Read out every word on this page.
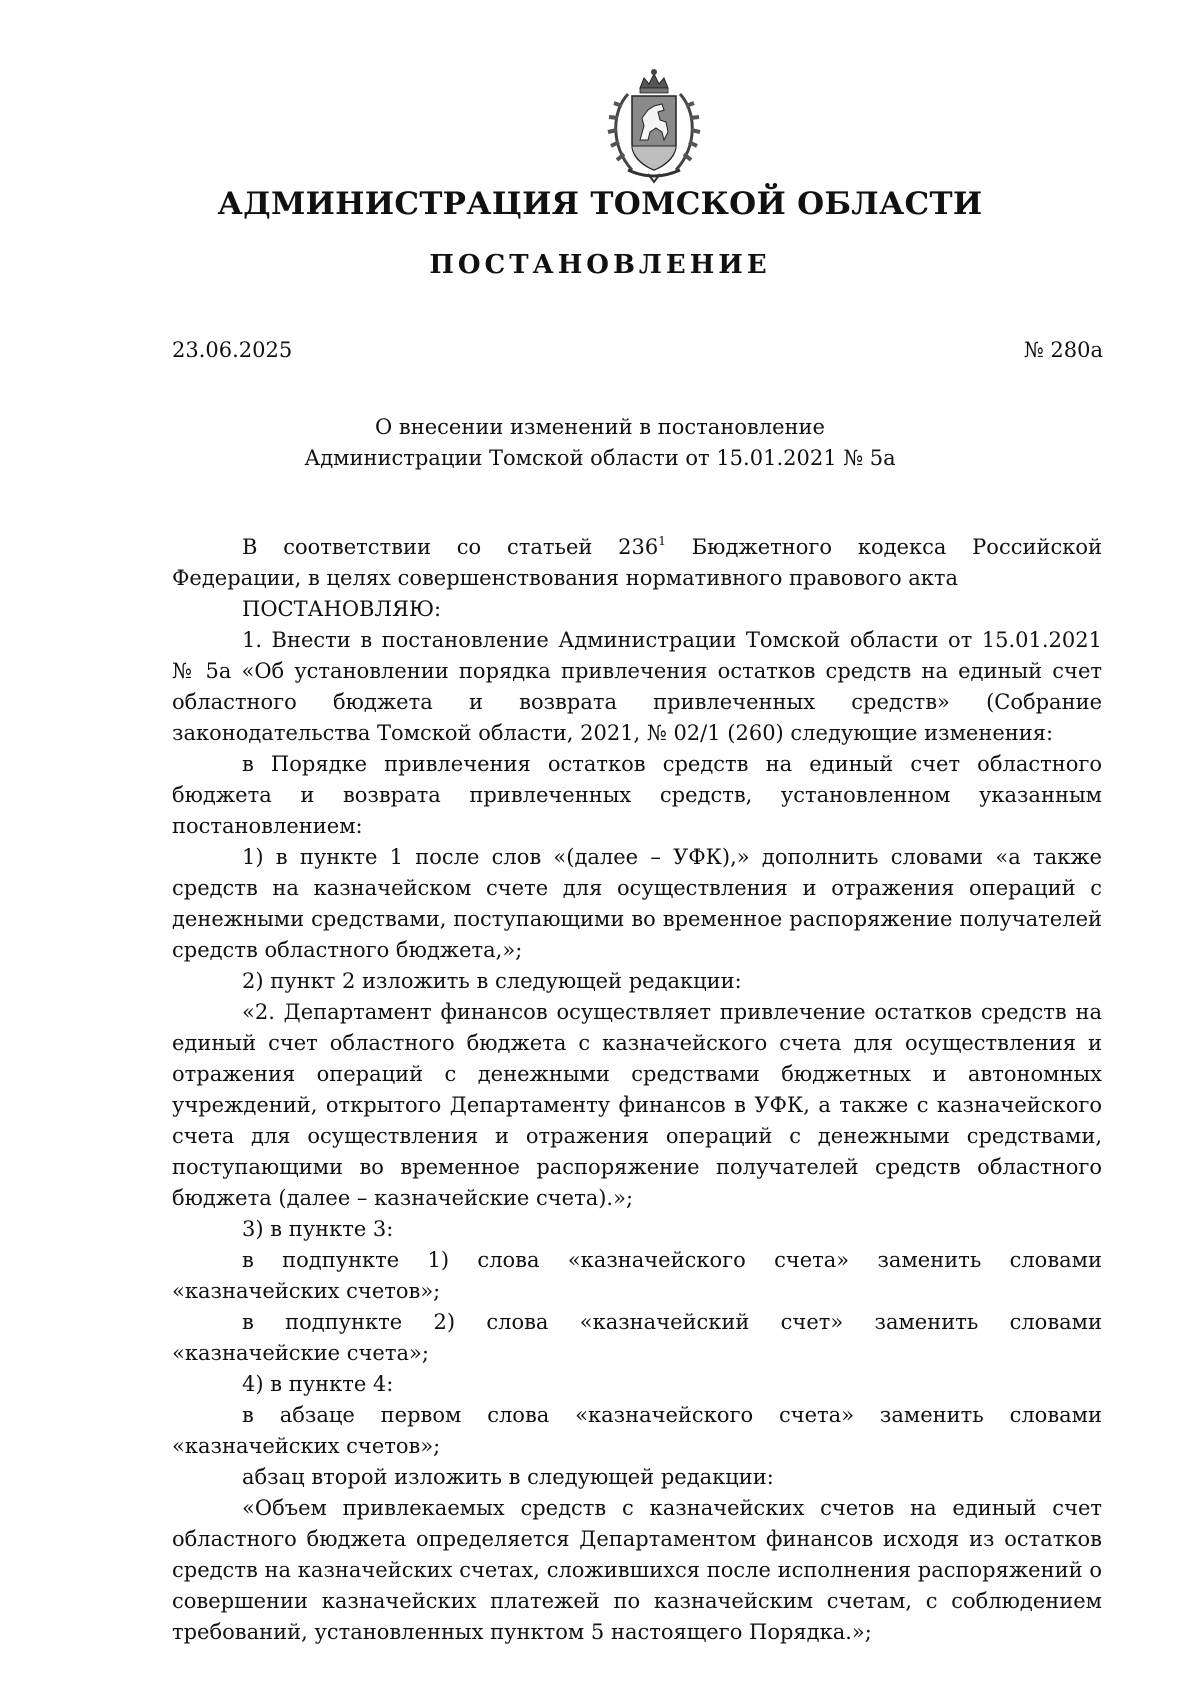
АДМИНИСТРАЦИЯ ТОМСКОЙ ОБЛАСТИ
ПОСТАНОВЛЕНИЕ
23.06.2025	№ 280а
О внесении изменений в постановление
Администрации Томской области от 15.01.2021 № 5а

В соответствии со статьей $236^1$ Бюджетного кодекса Российской Федерации, в целях совершенствования нормативного правового акта

ПОСТАНОВЛЯЮ:

1. Внести в постановление Администрации Томской области от 15.01.2021 № 5а «Об установлении порядка привлечения остатков средств на единый счет областного бюджета и возврата привлеченных средств» (Собрание законодательства Томской области, 2021, № 02/1 (260) следующие изменения:

в Порядке привлечения остатков средств на единый счет областного бюджета и возврата привлеченных средств, установленном указанным постановлением:

1) в пункте 1 после слов «(далее – УФК),» дополнить словами «а также средств на казначейском счете для осуществления и отражения операций с денежными средствами, поступающими во временное распоряжение получателей средств областного бюджета,»;

2) пункт 2 изложить в следующей редакции:

«2. Департамент финансов осуществляет привлечение остатков средств на единый счет областного бюджета с казначейского счета для осуществления и отражения операций с денежными средствами бюджетных и автономных учреждений, открытого Департаменту финансов в УФК, а также с казначейского счета для осуществления и отражения операций с денежными средствами, поступающими во временное распоряжение получателей средств областного бюджета (далее – казначейские счета).»;

3) в пункте 3:

в подпункте 1) слова «казначейского счета» заменить словами «казначейских счетов»;

в подпункте 2) слова «казначейский счет» заменить словами «казначейские счета»;

4) в пункте 4:

в абзаце первом слова «казначейского счета» заменить словами «казначейских счетов»;

абзац второй изложить в следующей редакции:

«Объем привлекаемых средств с казначейских счетов на единый счет областного бюджета определяется Департаментом финансов исходя из остатков средств на казначейских счетах, сложившихся после исполнения распоряжений о совершении казначейских платежей по казначейским счетам, с соблюдением требований, установленных пунктом 5 настоящего Порядка.»;
